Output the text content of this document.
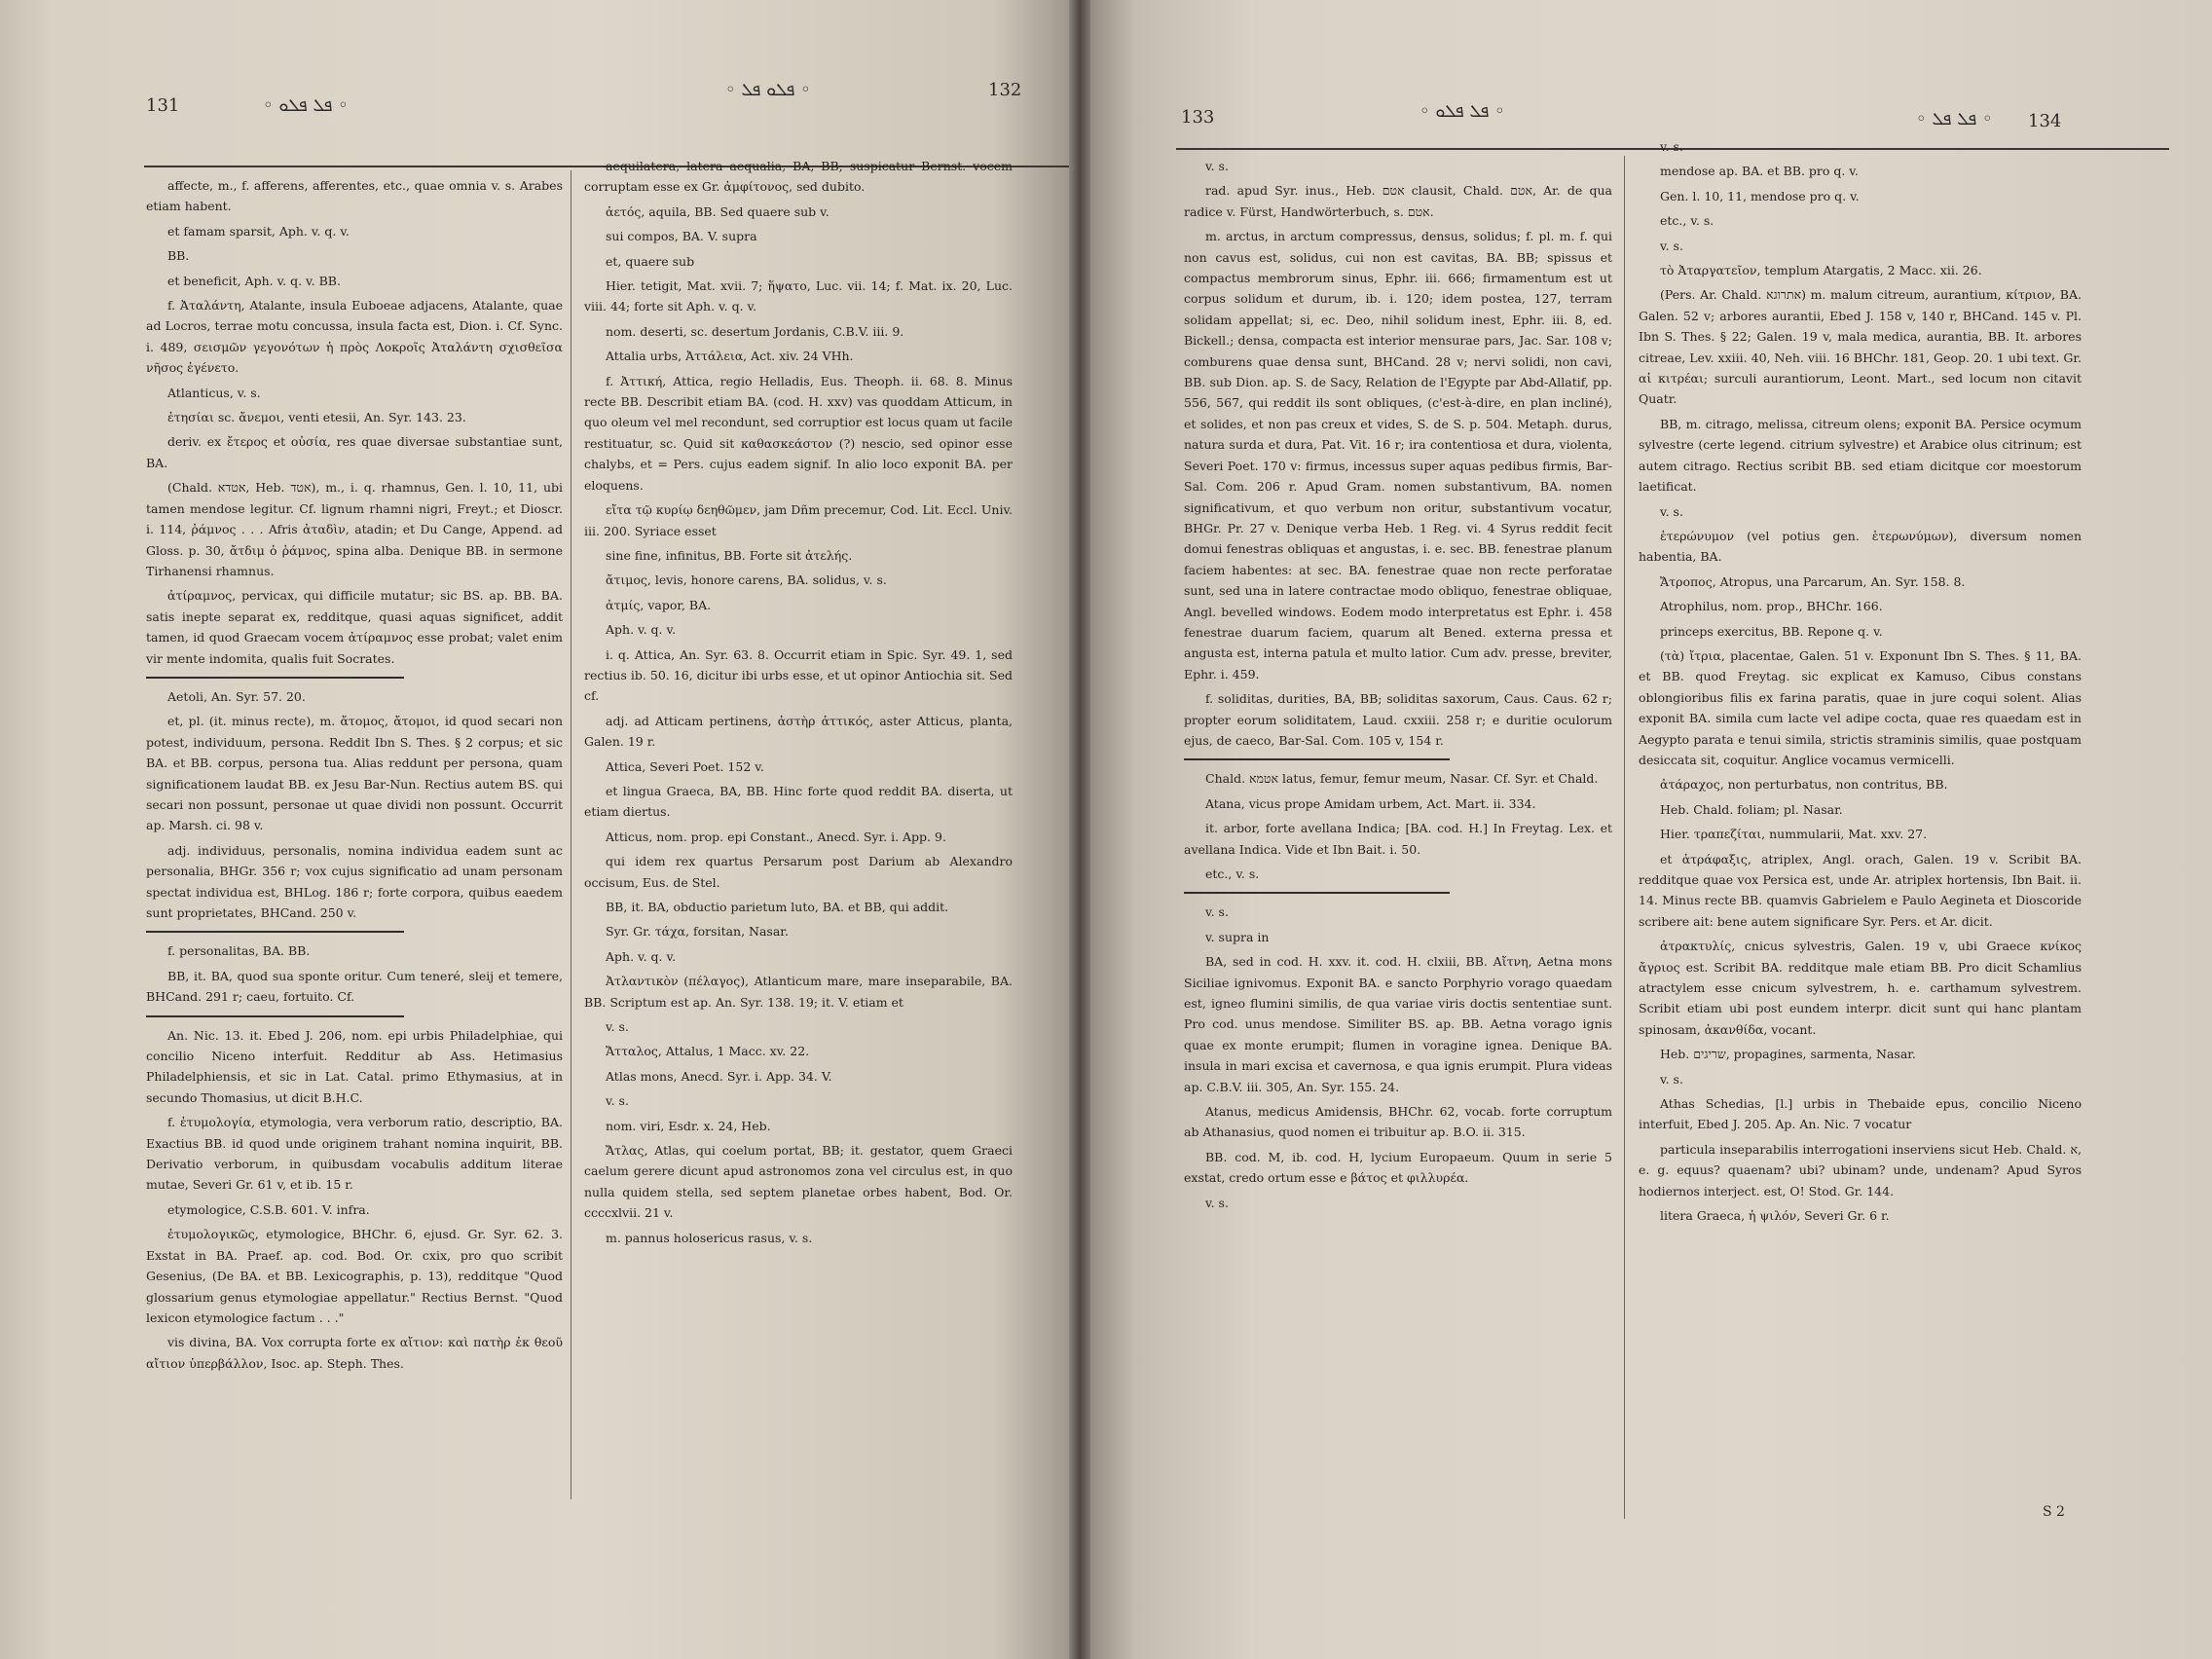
131	◦ ܦܠ ܦܠܘ ◦
◦ ܦܠܘ ܦܠ ◦	132

affecte, m., f. afferens, afferentes, etc., quae omnia v. s. Arabes etiam habent.

et famam sparsit, Aph. v. q. v.

BB.

et beneficit, Aph. v. q. v. BB.

f. Ἀταλάντη, Atalante, insula Euboeae adjacens, Atalante, quae ad Locros, terrae motu concussa, insula facta est, Dion. i. Cf. Sync. i. 489, σεισμῶν γεγονότων ἡ πρὸς Λοκροῖς Ἀταλάντη σχισθεῖσα νῆσος ἐγένετο.

Atlanticus, v. s.

ἐτησίαι sc. ἄνεμοι, venti etesii, An. Syr. 143. 23.

deriv. ex ἔτερος et οὐσία, res quae diversae substantiae sunt, BA.

(Chald. אטדא, Heb. אטד), m., i. q. rhamnus, Gen. l. 10, 11, ubi tamen mendose legitur. Cf. lignum rhamni nigri, Freyt.; et Dioscr. i. 114, ῥάμνος . . . Afris ἀταδὶν, atadin; et Du Cange, Append. ad Gloss. p. 30, ἄτδιμ ὁ ῥάμνος, spina alba. Denique BB. in sermone Tirhanensi rhamnus.

ἀτίραμνος, pervicax, qui difficile mutatur; sic BS. ap. BB. BA. satis inepte separat ex, redditque, quasi aquas significet, addit tamen, id quod Graecam vocem ἀτίραμνος esse probat; valet enim vir mente indomita, qualis fuit Socrates.

Aetoli, An. Syr. 57. 20.

et, pl. (it. minus recte), m. ἄτομος, ἄτομοι, id quod secari non potest, individuum, persona. Reddit Ibn S. Thes. § 2 corpus; et sic BA. et BB. corpus, persona tua. Alias reddunt per persona, quam significationem laudat BB. ex Jesu Bar-Nun. Rectius autem BS. qui secari non possunt, personae ut quae dividi non possunt. Occurrit ap. Marsh. ci. 98 v.

adj. individuus, personalis, nomina individua eadem sunt ac personalia, BHGr. 356 r; vox cujus significatio ad unam personam spectat individua est, BHLog. 186 r; forte corpora, quibus eaedem sunt proprietates, BHCand. 250 v.

f. personalitas, BA. BB.

BB, it. BA, quod sua sponte oritur. Cum teneré, sleij et temere, BHCand. 291 r; caeu, fortuito. Cf.

An. Nic. 13. it. Ebed J. 206, nom. epi urbis Philadelphiae, qui concilio Niceno interfuit. Redditur ab Ass. Hetimasius Philadelphiensis, et sic in Lat. Catal. primo Ethymasius, at in secundo Thomasius, ut dicit B.H.C.

f. ἐτυμολογία, etymologia, vera verborum ratio, descriptio, BA. Exactius BB. id quod unde originem trahant nomina inquirit, BB. Derivatio verborum, in quibusdam vocabulis additum literae mutae, Severi Gr. 61 v, et ib. 15 r.

etymologice, C.S.B. 601. V. infra.

ἐτυμολογικῶς, etymologice, BHChr. 6, ejusd. Gr. Syr. 62. 3. Exstat in BA. Praef. ap. cod. Bod. Or. cxix, pro quo scribit Gesenius, (De BA. et BB. Lexicographis, p. 13), redditque "Quod glossarium genus etymologiae appellatur." Rectius Bernst. "Quod lexicon etymologice factum . . ."

vis divina, BA. Vox corrupta forte ex αἴτιον: καὶ πατὴρ ἐκ θεοῦ αἴτιον ὑπερβάλλον, Isoc. ap. Steph. Thes.

aequilatera, latera aequalia, BA, BB; suspicatur Bernst. vocem corruptam esse ex Gr. ἀμφίτονος, sed dubito.

ἀετός, aquila, BB. Sed quaere sub v.

sui compos, BA. V. supra

et, quaere sub

Hier. tetigit, Mat. xvii. 7; ἥψατο, Luc. vii. 14; f. Mat. ix. 20, Luc. viii. 44; forte sit Aph. v. q. v.

nom. deserti, sc. desertum Jordanis, C.B.V. iii. 9.

Attalia urbs, Ἀττάλεια, Act. xiv. 24 VHh.

f. Ἀττική, Attica, regio Helladis, Eus. Theoph. ii. 68. 8. Minus recte BB. Describit etiam BA. (cod. H. xxv) vas quoddam Atticum, in quo oleum vel mel recondunt, sed corruptior est locus quam ut facile restituatur, sc. Quid sit καθασκεάστον (?) nescio, sed opinor esse chalybs, et = Pers. cujus eadem signif. In alio loco exponit BA. per eloquens.

εἴτα τῷ κυρίῳ δεηθῶμεν, jam Dñm precemur, Cod. Lit. Eccl. Univ. iii. 200. Syriace esset

sine fine, infinitus, BB. Forte sit ἀτελής.

ἄτιμος, levis, honore carens, BA. solidus, v. s.

ἀτμίς, vapor, BA.

Aph. v. q. v.

i. q. Attica, An. Syr. 63. 8. Occurrit etiam in Spic. Syr. 49. 1, sed rectius ib. 50. 16, dicitur ibi urbs esse, et ut opinor Antiochia sit. Sed cf.

adj. ad Atticam pertinens, ἀστὴρ ἀττικός, aster Atticus, planta, Galen. 19 r.

Attica, Severi Poet. 152 v.

et lingua Graeca, BA, BB. Hinc forte quod reddit BA. diserta, ut etiam diertus.

Atticus, nom. prop. epi Constant., Anecd. Syr. i. App. 9.

qui idem rex quartus Persarum post Darium ab Alexandro occisum, Eus. de Stel.

BB, it. BA, obductio parietum luto, BA. et BB, qui addit.

Syr. Gr. τάχα, forsitan, Nasar.

Aph. v. q. v.

Ἀτλαντικὸν (πέλαγος), Atlanticum mare, mare inseparabile, BA. BB. Scriptum est ap. An. Syr. 138. 19; it. V. etiam et

v. s.

Ἄτταλος, Attalus, 1 Macc. xv. 22.

Atlas mons, Anecd. Syr. i. App. 34. V.

v. s.

nom. viri, Esdr. x. 24, Heb.

Ἄτλας, Atlas, qui coelum portat, BB; it. gestator, quem Graeci caelum gerere dicunt apud astronomos zona vel circulus est, in quo nulla quidem stella, sed septem planetae orbes habent, Bod. Or. ccccxlvii. 21 v.

m. pannus holosericus rasus, v. s.

133	◦ ܦܠ ܦܠܘ ◦	◦ ܦܠ ܦܠ ◦ 134

v. s.

rad. apud Syr. inus., Heb. אטם clausit, Chald. אטם, Ar. de qua radice v. Fürst, Handwörterbuch, s. אטם.

m. arctus, in arctum compressus, densus, solidus; f. pl. m. f. qui non cavus est, solidus, cui non est cavitas, BA. BB; spissus et compactus membrorum sinus, Ephr. iii. 666; firmamentum est ut corpus solidum et durum, ib. i. 120; idem postea, 127, terram solidam appellat; si, ec. Deo, nihil solidum inest, Ephr. iii. 8, ed. Bickell.; densa, compacta est interior mensurae pars, Jac. Sar. 108 v; comburens quae densa sunt, BHCand. 28 v; nervi solidi, non cavi, BB. sub Dion. ap. S. de Sacy, Relation de l'Egypte par Abd-Allatif, pp. 556, 567, qui reddit ils sont obliques, (c'est-à-dire, en plan incliné), et solides, et non pas creux et vides, S. de S. p. 504. Metaph. durus, natura surda et dura, Pat. Vit. 16 r; ira contentiosa et dura, violenta, Severi Poet. 170 v: firmus, incessus super aquas pedibus firmis, Bar-Sal. Com. 206 r. Apud Gram. nomen substantivum, BA. nomen significativum, et quo verbum non oritur, substantivum vocatur, BHGr. Pr. 27 v. Denique verba Heb. 1 Reg. vi. 4 Syrus reddit fecit domui fenestras obliquas et angustas, i. e. sec. BB. fenestrae planum faciem habentes: at sec. BA. fenestrae quae non recte perforatae sunt, sed una in latere contractae modo obliquo, fenestrae obliquae, Angl. bevelled windows. Eodem modo interpretatus est Ephr. i. 458 fenestrae duarum faciem, quarum alt Bened. externa pressa et angusta est, interna patula et multo latior. Cum adv. presse, breviter, Ephr. i. 459.

f. soliditas, durities, BA, BB; soliditas saxorum, Caus. Caus. 62 r; propter eorum soliditatem, Laud. cxxiii. 258 r; e duritie oculorum ejus, de caeco, Bar-Sal. Com. 105 v, 154 r.

Chald. אטמא latus, femur, femur meum, Nasar. Cf. Syr. et Chald.

Atana, vicus prope Amidam urbem, Act. Mart. ii. 334.

it. arbor, forte avellana Indica; [BA. cod. H.] In Freytag. Lex. et avellana Indica. Vide et Ibn Bait. i. 50.

etc., v. s.

v. s.

v. supra in

BA, sed in cod. H. xxv. it. cod. H. clxiii, BB. Αἴτνη, Aetna mons Siciliae ignivomus. Exponit BA. e sancto Porphyrio vorago quaedam est, igneo flumini similis, de qua variae viris doctis sententiae sunt. Pro cod. unus mendose. Similiter BS. ap. BB. Aetna vorago ignis quae ex monte erumpit; flumen in voragine ignea. Denique BA. insula in mari excisa et cavernosa, e qua ignis erumpit. Plura videas ap. C.B.V. iii. 305, An. Syr. 155. 24.

Atanus, medicus Amidensis, BHChr. 62, vocab. forte corruptum ab Athanasius, quod nomen ei tribuitur ap. B.O. ii. 315.

BB. cod. M, ib. cod. H, lycium Europaeum. Quum in serie 5 exstat, credo ortum esse e βάτος et φιλλυρέα.

v. s.

v. s.

mendose ap. BA. et BB. pro q. v.

Gen. l. 10, 11, mendose pro q. v.

etc., v. s.

v. s.

τὸ Ἀταργατεῖον, templum Atargatis, 2 Macc. xii. 26.

(Pers. Ar. Chald. אתרוגא) m. malum citreum, aurantium, κίτριον, BA. Galen. 52 v; arbores aurantii, Ebed J. 158 v, 140 r, BHCand. 145 v. Pl. Ibn S. Thes. § 22; Galen. 19 v, mala medica, aurantia, BB. It. arbores citreae, Lev. xxiii. 40, Neh. viii. 16 BHChr. 181, Geop. 20. 1 ubi text. Gr. αἱ κιτρέαι; surculi aurantiorum, Leont. Mart., sed locum non citavit Quatr.

BB, m. citrago, melissa, citreum olens; exponit BA. Persice ocymum sylvestre (certe legend. citrium sylvestre) et Arabice olus citrinum; est autem citrago. Rectius scribit BB. sed etiam dicitque cor moestorum laetificat.

v. s.

ἑτερώνυμον (vel potius gen. ἑτερωνύμων), diversum nomen habentia, BA.

Ἄτροπος, Atropus, una Parcarum, An. Syr. 158. 8.

Atrophilus, nom. prop., BHChr. 166.

princeps exercitus, BB. Repone q. v.

(τὰ) ἴτρια, placentae, Galen. 51 v. Exponunt Ibn S. Thes. § 11, BA. et BB. quod Freytag. sic explicat ex Kamuso, Cibus constans oblongioribus filis ex farina paratis, quae in jure coqui solent. Alias exponit BA. simila cum lacte vel adipe cocta, quae res quaedam est in Aegypto parata e tenui simila, strictis straminis similis, quae postquam desiccata sit, coquitur. Anglice vocamus vermicelli.

ἀτάραχος, non perturbatus, non contritus, BB.

Heb. Chald. foliam; pl. Nasar.

Hier. τραπεζίται, nummularii, Mat. xxv. 27.

et ἀτράφαξις, atriplex, Angl. orach, Galen. 19 v. Scribit BA. redditque quae vox Persica est, unde Ar. atriplex hortensis, Ibn Bait. ii. 14. Minus recte BB. quamvis Gabrielem e Paulo Aegineta et Dioscoride scribere ait: bene autem significare Syr. Pers. et Ar. dicit.

ἀτρακτυλίς, cnicus sylvestris, Galen. 19 v, ubi Graece κνίκος ἄγριος est. Scribit BA. redditque male etiam BB. Pro dicit Schamlius atractylem esse cnicum sylvestrem, h. e. carthamum sylvestrem. Scribit etiam ubi post eundem interpr. dicit sunt qui hanc plantam spinosam, ἀκανθίδα, vocant.

Heb. שריגים, propagines, sarmenta, Nasar.

v. s.

Athas Schedias, [l.] urbis in Thebaide epus, concilio Niceno interfuit, Ebed J. 205. Ap. An. Nic. 7 vocatur

particula inseparabilis interrogationi inserviens sicut Heb. Chald. א, e. g. equus? quaenam? ubi? ubinam? unde, undenam? Apud Syros hodiernos interject. est, O! Stod. Gr. 144.

litera Graeca, ἡ ψιλόν, Severi Gr. 6 r.

S 2
